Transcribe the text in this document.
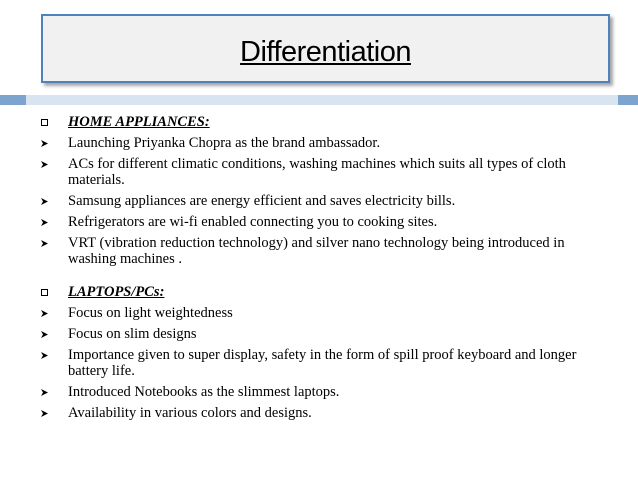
Differentiation
HOME APPLIANCES:
Launching Priyanka Chopra as the brand ambassador.
ACs for different climatic conditions, washing machines which suits all types of cloth materials.
Samsung appliances are energy efficient and saves electricity bills.
Refrigerators are wi-fi enabled connecting you to cooking sites.
VRT (vibration reduction technology) and silver nano technology being introduced in washing machines .
LAPTOPS/PCs:
Focus on light weightedness
Focus on slim designs
Importance given to super display, safety in the form of spill proof keyboard and longer battery life.
Introduced Notebooks as the slimmest laptops.
Availability in various colors and designs.
